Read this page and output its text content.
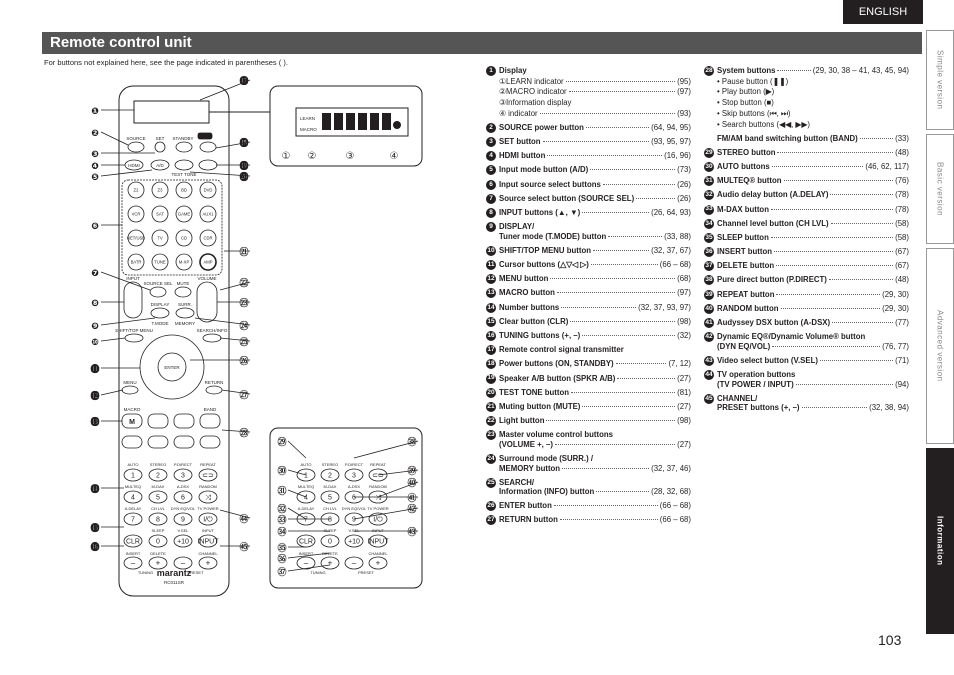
ENGLISH
Remote control unit
For buttons not explained here, see the page indicated in parentheses ( ).	Simple version
Basic version
Advanced version
Information
SOURCE SET STANDBY
ON
HDMI	A/D
TEST TONE
Z2	Z3	BD	DVD
VCR	SAT	GAME	AUX1
NET/USB	TV	CD	CDR
BATR	TUNE	M-XP	AMP
INPUT
SOURCE SEL MUTE
VOLUME
DISPLAY SURR.
T.MODE MEMORY
SHIFT/TOP MENU	SEARCH/INFO
ENTER
MENU	RETURN
MACRO	BAND
M
AUTO
1
STEREO
2
P.DIRECT
3
REPEAT
⊂⊃
MULTEQ
4
M-DAX
5
A-DSX
6
RANDOM
⤨
A.DELAY
7
CH LVL
8
DYN EQ/VOL
9
TV POWER
I/⏻
CLR
SLEEP
0
V.SEL
+10
INPUT
INPUT
INSERT
–
DELETE
+	–
CHANNEL
+
TUNING	PRESET
marantz
RC011SR
LEARN
MACRO
① ②	③	④
AUTO
1
STEREO
2
P.DIRECT
3
REPEAT
⊂⊃
MULTEQ
4
M-DAX
5
A-DSX
6
RANDOM
⤨
A.DELAY
7
CH LVL
8
DYN EQ/VOL
9
TV POWER
I/⏻
CLR
SLEEP
0
V.SEL
+10
INPUT
INPUT
INSERT
–
DELETE
+ –
CHANNEL
+
TUNING	PRESET
❶
❷
❸
❹
❺
❻
❼
❽
❾
❿
⓫
⓬
⓭
⓮
⓯
⓰
⓱
⓲
⓳
⓴
㉑
㉒
㉓
㉔
㉕
㉖
㉗
㉘
㊹
㊺
㉙
㉚
㉛
㉜
㉝
㉞
㉟
㊱
㊲
㊳
㊴
㊵
㊶
㊷
㊸
1 Display
①LEARN indicator	(95)
②MACRO indicator	(97)
③Information display
④ indicator	(93)
2 SOURCE power button	(64, 94, 95)
3 SET button	(93, 95, 97)
4 HDMI button	(16, 96)
5 Input mode button (A/D)	(73)
6 Input source select buttons	(26)
7 Source select button (SOURCE SEL)	(26)
8 INPUT buttons (▲, ▼)	(26, 64, 93)
9 DISPLAY/
Tuner mode (T.MODE) button	(33, 88)
10 SHIFT/TOP MENU button	(32, 37, 67)
11 Cursor buttons (△▽◁ ▷)	(66 – 68)
12 MENU button	(68)
13 MACRO button	(97)
14 Number buttons	(32, 37, 93, 97)
15 Clear button (CLR)	(98)
16 TUNING buttons (+, –)	(32)
17 Remote control signal transmitter
18 Power buttons (ON, STANDBY)	(7, 12)
19 Speaker A/B button (SPKR A/B)	(27)
20 TEST TONE button	(81)
21 Muting button (MUTE)	(27)
22 Light button	(98)
23 Master volume control buttons
(VOLUME +, –)	(27)
24 Surround mode (SURR.) /
MEMORY button	(32, 37, 46)
25 SEARCH/
Information (INFO) button	(28, 32, 68)
26 ENTER button	(66 – 68)
27 RETURN button	(66 – 68)
28 System buttons	(29, 30, 38 – 41, 43, 45, 94)
• Pause button (❚❚)
• Play button (▶)
• Stop button (■)
• Skip buttons (⏮, ⏭)
• Search buttons (◀◀, ▶▶)
FM/AM band switching button (BAND)	(33)
29 STEREO button	(48)
30 AUTO buttons	(46, 62, 117)
31 MULTEQ® button	(76)
32 Audio delay button (A.DELAY)	(78)
33 M-DAX button	(78)
34 Channel level button (CH LVL)	(58)
35 SLEEP button	(58)
36 INSERT button	(67)
37 DELETE button	(67)
38 Pure direct button (P.DIRECT)	(48)
39 REPEAT button	(29, 30)
40 RANDOM button	(29, 30)
41 Audyssey DSX button (A-DSX)	(77)
42 Dynamic EQ®/Dynamic Volume® button
(DYN EQ/VOL)	(76, 77)
43 Video select button (V.SEL)	(71)
44 TV operation buttons
(TV POWER / INPUT)	(94)
45 CHANNEL/
PRESET buttons (+, –)	(32, 38, 94)
103
